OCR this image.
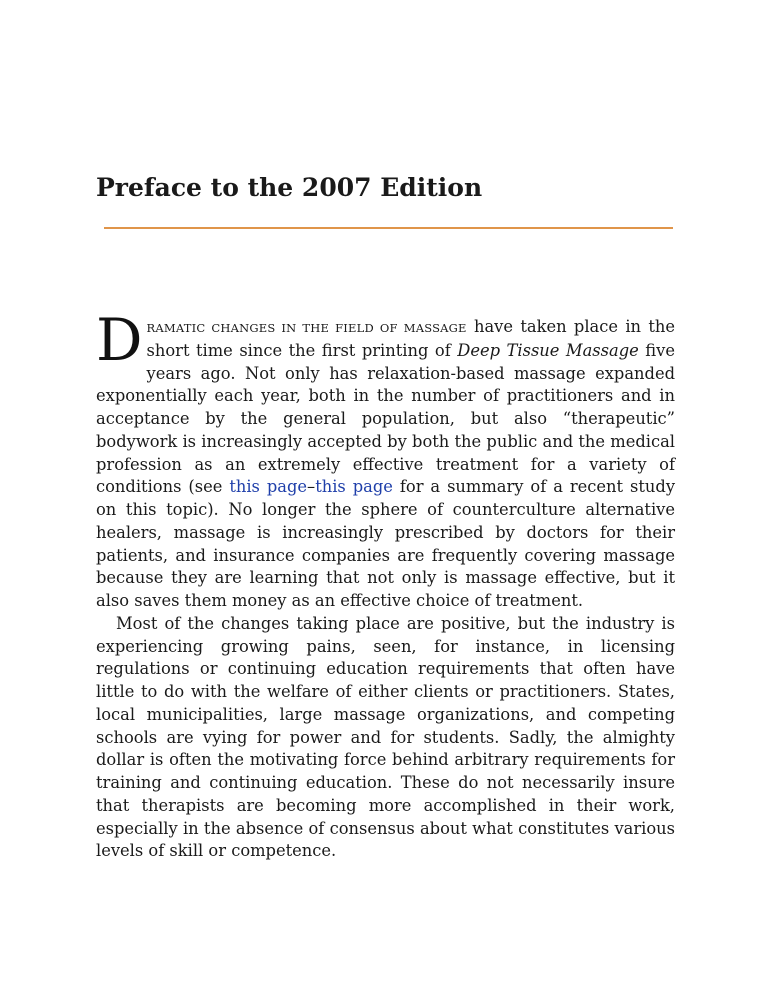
Preface to the 2007 Edition

DRAMATIC CHANGES IN THE FIELD OF MASSAGE have taken place in the short time since the first printing of Deep Tissue Massage five years ago. Not only has relaxation-based massage expanded exponentially each year, both in the number of practitioners and in acceptance by the general population, but also “therapeutic” bodywork is increasingly accepted by both the public and the medical profession as an extremely effective treatment for a variety of conditions (see this page–this page for a summary of a recent study on this topic). No longer the sphere of counterculture alternative healers, massage is increasingly prescribed by doctors for their patients, and insurance companies are frequently covering massage because they are learning that not only is massage effective, but it also saves them money as an effective choice of treatment.

Most of the changes taking place are positive, but the industry is experiencing growing pains, seen, for instance, in licensing regulations or continuing education requirements that often have little to do with the welfare of either clients or practitioners. States, local municipalities, large massage organizations, and competing schools are vying for power and for students. Sadly, the almighty dollar is often the motivating force behind arbitrary requirements for training and continuing education. These do not necessarily insure that therapists are becoming more accomplished in their work, especially in the absence of consensus about what constitutes various levels of skill or competence.
